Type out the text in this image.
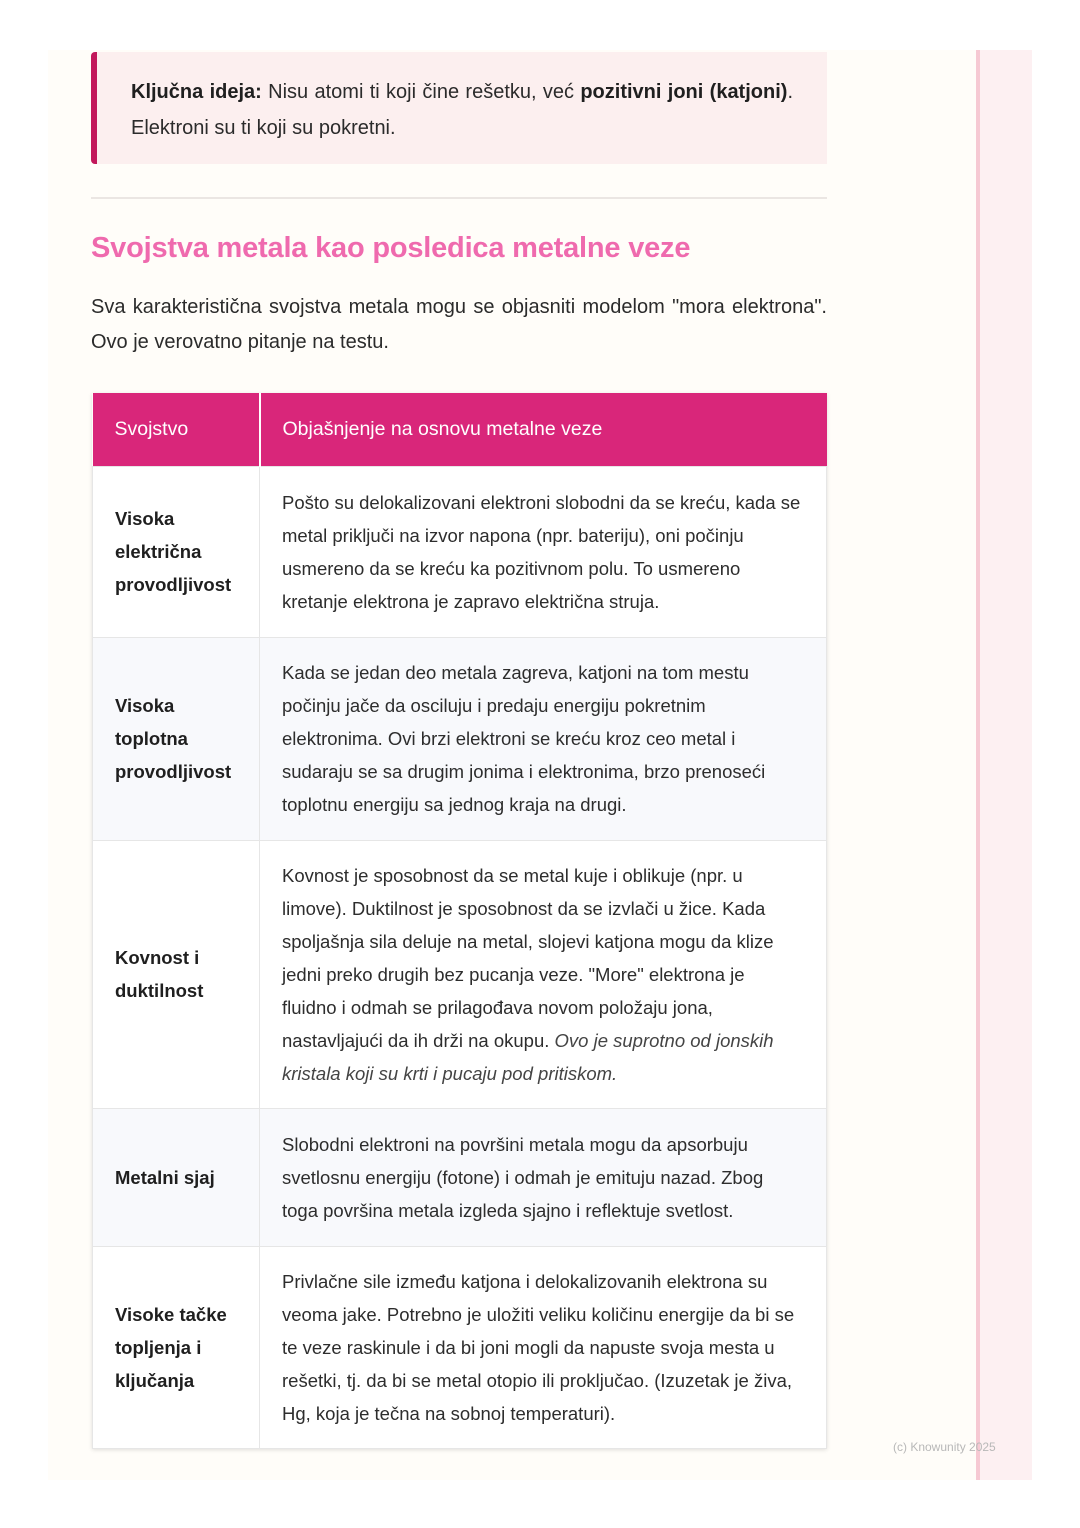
Ključna ideja: Nisu atomi ti koji čine rešetku, već pozitivni joni (katjoni). Elektroni su ti koji su pokretni.
Svojstva metala kao posledica metalne veze

Sva karakteristična svojstva metala mogu se objasniti modelom "mora elektrona". Ovo je verovatno pitanje na testu.

Svojstvo	Objašnjenje na osnovu metalne veze
Visoka električna provodljivost	Pošto su delokalizovani elektroni slobodni da se kreću, kada se metal priključi na izvor napona (npr. bateriju), oni počinju usmereno da se kreću ka pozitivnom polu. To usmereno kretanje elektrona je zapravo električna struja.
Visoka toplotna provodljivost	Kada se jedan deo metala zagreva, katjoni na tom mestu počinju jače da osciluju i predaju energiju pokretnim elektronima. Ovi brzi elektroni se kreću kroz ceo metal i sudaraju se sa drugim jonima i elektronima, brzo prenoseći toplotnu energiju sa jednog kraja na drugi.
Kovnost i duktilnost	Kovnost je sposobnost da se metal kuje i oblikuje (npr. u limove). Duktilnost je sposobnost da se izvlači u žice. Kada spoljašnja sila deluje na metal, slojevi katjona mogu da klize jedni preko drugih bez pucanja veze. "More" elektrona je fluidno i odmah se prilagođava novom položaju jona, nastavljajući da ih drži na okupu. Ovo je suprotno od jonskih kristala koji su krti i pucaju pod pritiskom.
Metalni sjaj	Slobodni elektroni na površini metala mogu da apsorbuju svetlosnu energiju (fotone) i odmah je emituju nazad. Zbog toga površina metala izgleda sjajno i reflektuje svetlost.
Visoke tačke topljenja i ključanja	Privlačne sile između katjona i delokalizovanih elektrona su veoma jake. Potrebno je uložiti veliku količinu energije da bi se te veze raskinule i da bi joni mogli da napuste svoja mesta u rešetki, tj. da bi se metal otopio ili proključao. (Izuzetak je živa, Hg, koja je tečna na sobnoj temperaturi).
(c) Knowunity 2025
